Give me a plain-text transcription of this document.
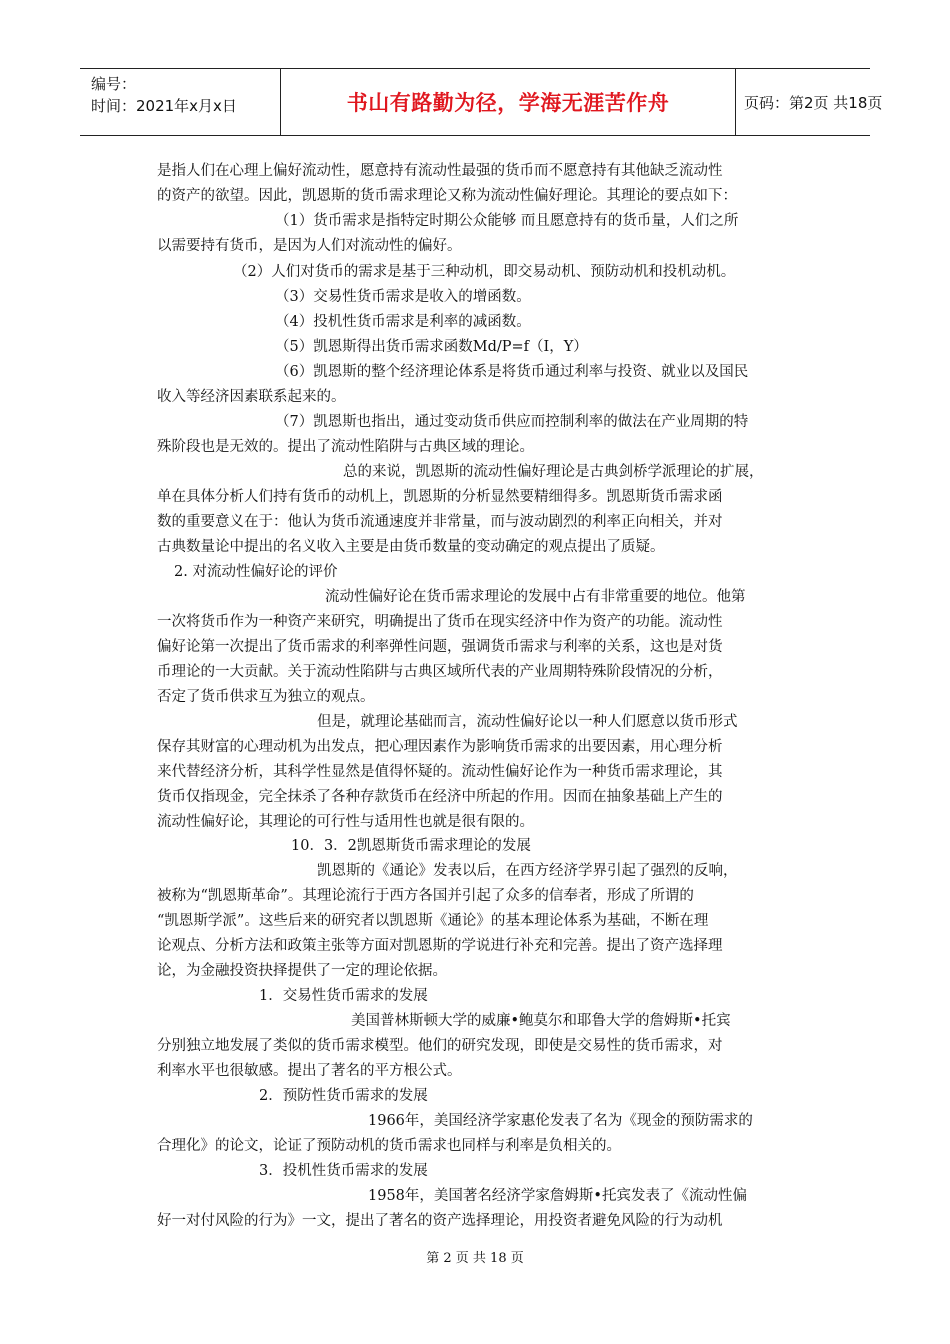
编号：
时间：2021年x月x日	书山有路勤为径，学海无涯苦作舟	页码：第2页 共18页
是指人们在心理上偏好流动性，愿意持有流动性最强的货币而不愿意持有其他缺乏流动性
的资产的欲望。因此，凯恩斯的货币需求理论又称为流动性偏好理论。其理论的要点如下：
（1）货币需求是指特定时期公众能够 而且愿意持有的货币量，人们之所
以需要持有货币，是因为人们对流动性的偏好。
（2）人们对货币的需求是基于三种动机，即交易动机、预防动机和投机动机。
（3）交易性货币需求是收入的增函数。
（4）投机性货币需求是利率的减函数。
（5）凯恩斯得出货币需求函数Md/P=f（I，Y）
（6）凯恩斯的整个经济理论体系是将货币通过利率与投资、就业以及国民
收入等经济因素联系起来的。
（7）凯恩斯也指出，通过变动货币供应而控制利率的做法在产业周期的特
殊阶段也是无效的。提出了流动性陷阱与古典区域的理论。
总的来说，凯恩斯的流动性偏好理论是古典剑桥学派理论的扩展，
单在具体分析人们持有货币的动机上，凯恩斯的分析显然要精细得多。凯恩斯货币需求函
数的重要意义在于：他认为货币流通速度并非常量，而与波动剧烈的利率正向相关，并对
古典数量论中提出的名义收入主要是由货币数量的变动确定的观点提出了质疑。
2. 对流动性偏好论的评价
流动性偏好论在货币需求理论的发展中占有非常重要的地位。他第
一次将货币作为一种资产来研究，明确提出了货币在现实经济中作为资产的功能。流动性
偏好论第一次提出了货币需求的利率弹性问题，强调货币需求与利率的关系，这也是对货
币理论的一大贡献。关于流动性陷阱与古典区域所代表的产业周期特殊阶段情况的分析，
否定了货币供求互为独立的观点。
但是，就理论基础而言，流动性偏好论以一种人们愿意以货币形式
保存其财富的心理动机为出发点，把心理因素作为影响货币需求的出要因素，用心理分析
来代替经济分析，其科学性显然是值得怀疑的。流动性偏好论作为一种货币需求理论，其
货币仅指现金，完全抹杀了各种存款货币在经济中所起的作用。因而在抽象基础上产生的
流动性偏好论，其理论的可行性与适用性也就是很有限的。
10．3．2凯恩斯货币需求理论的发展
凯恩斯的《通论》发表以后，在西方经济学界引起了强烈的反响，
被称为“凯恩斯革命”。其理论流行于西方各国并引起了众多的信奉者，形成了所谓的
“凯恩斯学派”。这些后来的研究者以凯恩斯《通论》的基本理论体系为基础，不断在理
论观点、分析方法和政策主张等方面对凯恩斯的学说进行补充和完善。提出了资产选择理
论，为金融投资抉择提供了一定的理论依据。
1．交易性货币需求的发展
美国普林斯顿大学的威廉•鲍莫尔和耶鲁大学的詹姆斯•托宾
分别独立地发展了类似的货币需求模型。他们的研究发现，即使是交易性的货币需求，对
利率水平也很敏感。提出了著名的平方根公式。
2．预防性货币需求的发展
1966年，美国经济学家惠伦发表了名为《现金的预防需求的
合理化》的论文，论证了预防动机的货币需求也同样与利率是负相关的。
3．投机性货币需求的发展
1958年，美国著名经济学家詹姆斯•托宾发表了《流动性偏
好一对付风险的行为》一文，提出了著名的资产选择理论，用投资者避免风险的行为动机
第 2 页 共 18 页
